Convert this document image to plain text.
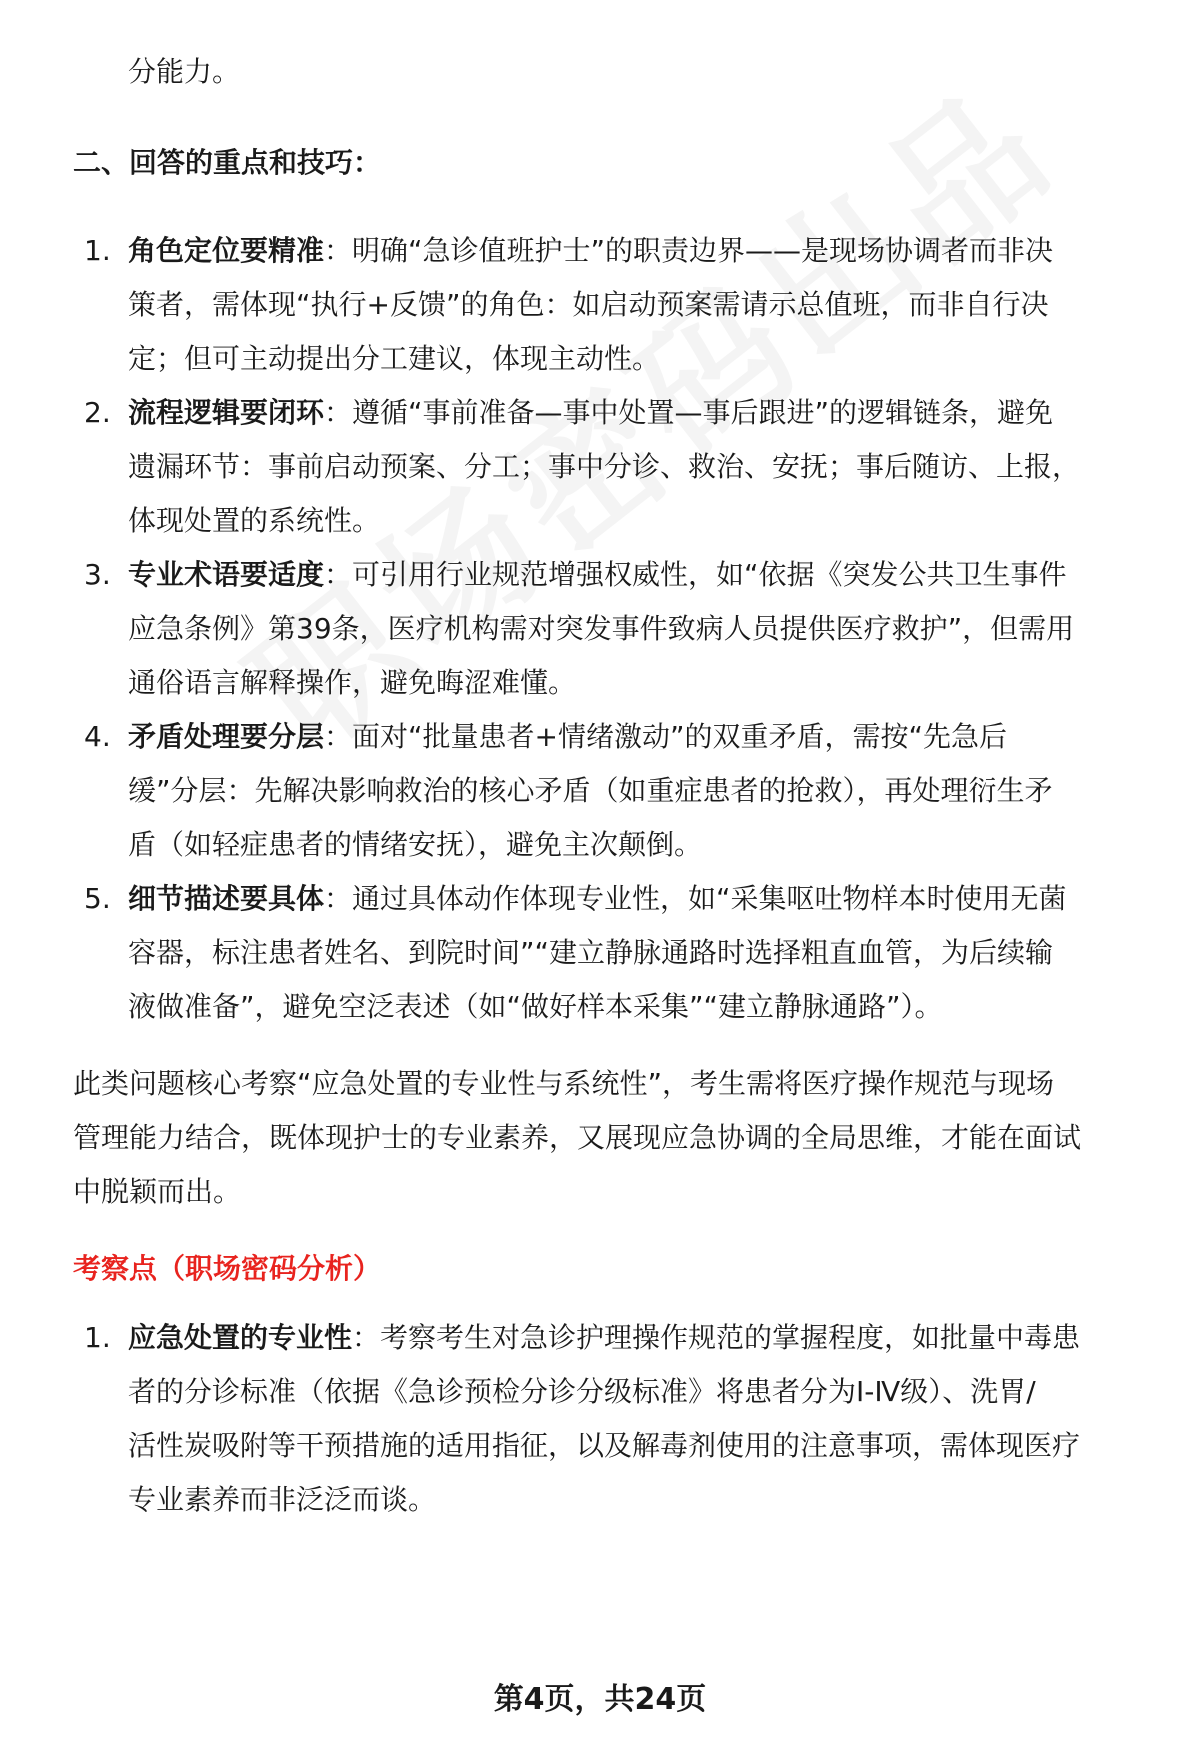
分能力。
二、回答的重点和技巧：
1. 角色定位要精准：明确“急诊值班护士”的职责边界——是现场协调者而非决
策者，需体现“执行+反馈”的角色：如启动预案需请示总值班，而非自行决
定；但可主动提出分工建议，体现主动性。
2. 流程逻辑要闭环：遵循“事前准备—事中处置—事后跟进”的逻辑链条，避免
遗漏环节：事前启动预案、分工；事中分诊、救治、安抚；事后随访、上报，
体现处置的系统性。
3. 专业术语要适度：可引用行业规范增强权威性，如“依据《突发公共卫生事件
应急条例》第39条，医疗机构需对突发事件致病人员提供医疗救护”，但需用
通俗语言解释操作，避免晦涩难懂。
4. 矛盾处理要分层：面对“批量患者+情绪激动”的双重矛盾，需按“先急后
缓”分层：先解决影响救治的核心矛盾（如重症患者的抢救），再处理衍生矛
盾（如轻症患者的情绪安抚），避免主次颠倒。
5. 细节描述要具体：通过具体动作体现专业性，如“采集呕吐物样本时使用无菌
容器，标注患者姓名、到院时间”“建立静脉通路时选择粗直血管，为后续输
液做准备”，避免空泛表述（如“做好样本采集”“建立静脉通路”）。
此类问题核心考察“应急处置的专业性与系统性”，考生需将医疗操作规范与现场
管理能力结合，既体现护士的专业素养，又展现应急协调的全局思维，才能在面试
中脱颖而出。
考察点（职场密码分析）
1. 应急处置的专业性：考察考生对急诊护理操作规范的掌握程度，如批量中毒患
者的分诊标准（依据《急诊预检分诊分级标准》将患者分为Ⅰ-Ⅳ级）、洗胃/
活性炭吸附等干预措施的适用指征，以及解毒剂使用的注意事项，需体现医疗
专业素养而非泛泛而谈。
第4页，共24页
